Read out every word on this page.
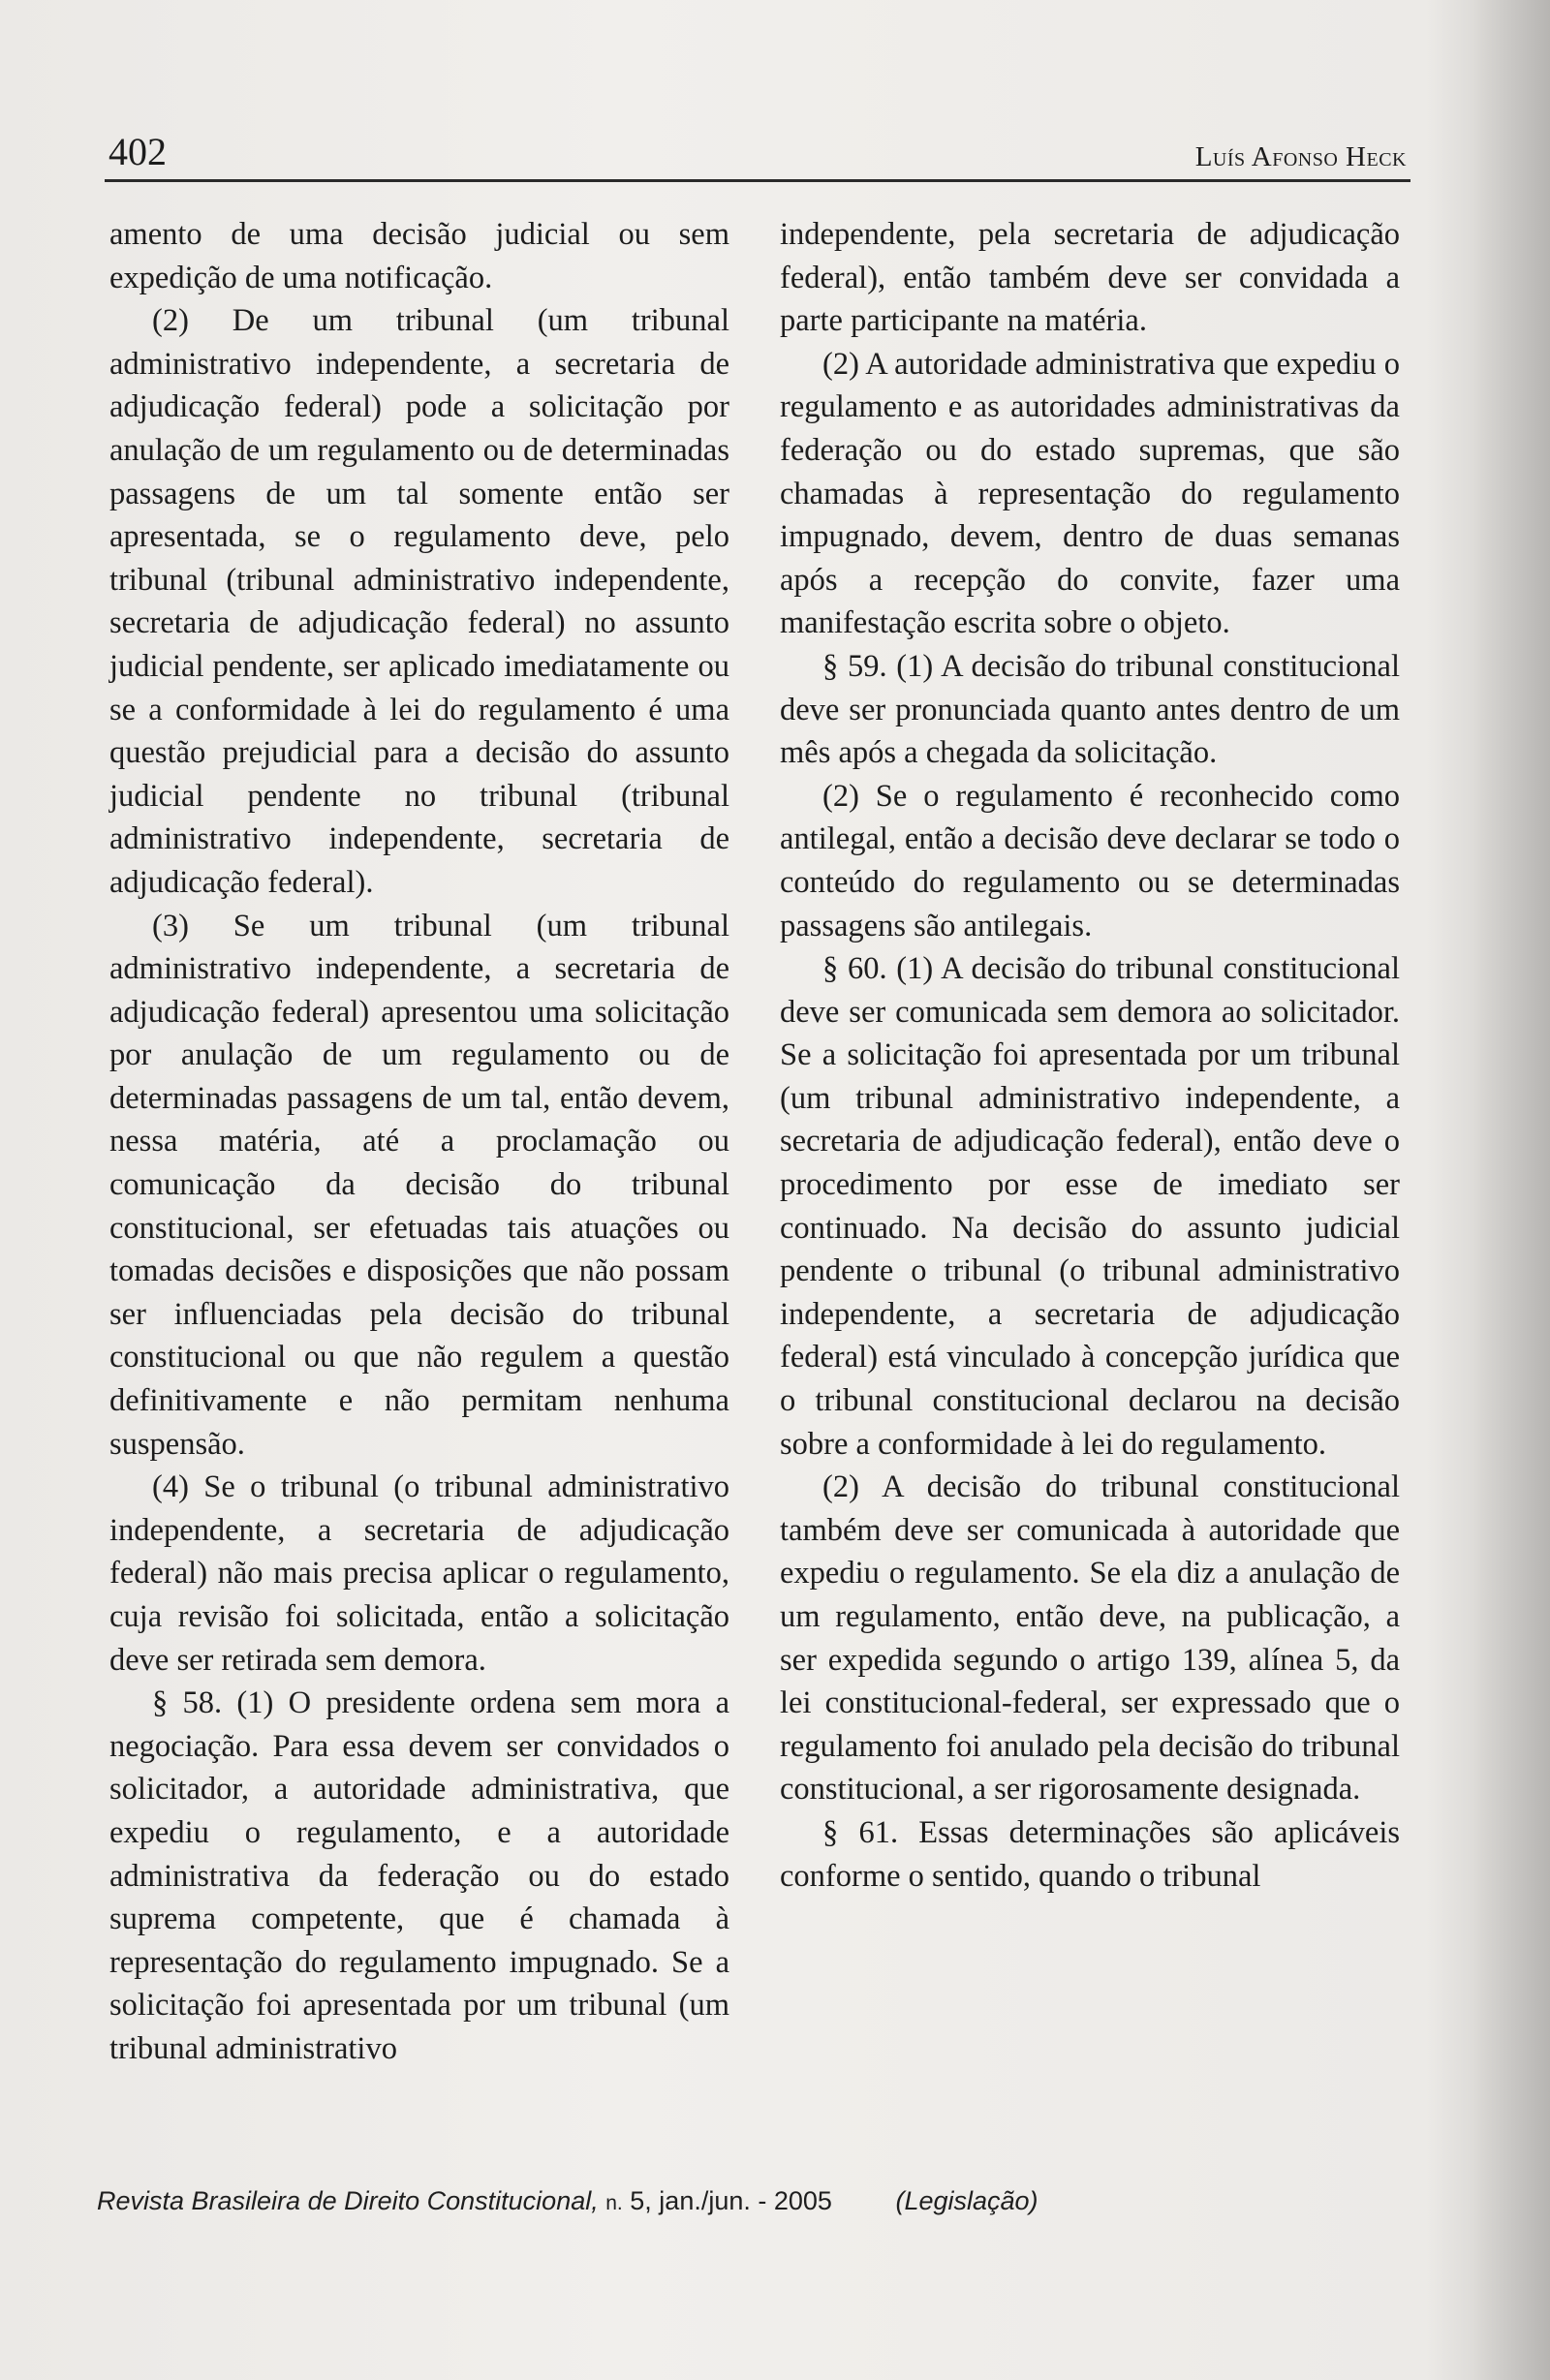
402	Luís Afonso Heck

amento de uma decisão judicial ou sem expedição de uma notificação.

(2) De um tribunal (um tribunal administrativo independente, a secretaria de adjudicação federal) pode a solicitação por anulação de um regulamento ou de determinadas passagens de um tal somente então ser apresentada, se o regulamento deve, pelo tribunal (tribunal administrativo independente, secretaria de adjudicação federal) no assunto judicial pendente, ser aplicado imediatamente ou se a conformidade à lei do regulamento é uma questão prejudicial para a decisão do assunto judicial pendente no tribunal (tribunal administrativo independente, secretaria de adjudicação federal).

(3) Se um tribunal (um tribunal administrativo independente, a secretaria de adjudicação federal) apresentou uma solicitação por anulação de um regulamento ou de determinadas passagens de um tal, então devem, nessa matéria, até a proclamação ou comunicação da decisão do tribunal constitucional, ser efetuadas tais atuações ou tomadas decisões e disposições que não possam ser influenciadas pela decisão do tribunal constitucional ou que não regulem a questão definitivamente e não permitam nenhuma suspensão.

(4) Se o tribunal (o tribunal administrativo independente, a secretaria de adjudicação federal) não mais precisa aplicar o regulamento, cuja revisão foi solicitada, então a solicitação deve ser retirada sem demora.

§ 58. (1) O presidente ordena sem mora a negociação. Para essa devem ser convidados o solicitador, a autoridade administrativa, que expediu o regulamento, e a autoridade administrativa da federação ou do estado suprema competente, que é chamada à representação do regulamento impugnado. Se a solicitação foi apresentada por um tribunal (um tribunal administrativo

independente, pela secretaria de adjudicação federal), então também deve ser convidada a parte participante na matéria.

(2) A autoridade administrativa que expediu o regulamento e as autoridades administrativas da federação ou do estado supremas, que são chamadas à representação do regulamento impugnado, devem, dentro de duas semanas após a recepção do convite, fazer uma manifestação escrita sobre o objeto.

§ 59. (1) A decisão do tribunal constitucional deve ser pronunciada quanto antes dentro de um mês após a chegada da solicitação.

(2) Se o regulamento é reconhecido como antilegal, então a decisão deve declarar se todo o conteúdo do regulamento ou se determinadas passagens são antilegais.

§ 60. (1) A decisão do tribunal constitucional deve ser comunicada sem demora ao solicitador. Se a solicitação foi apresentada por um tribunal (um tribunal administrativo independente, a secretaria de adjudicação federal), então deve o procedimento por esse de imediato ser continuado. Na decisão do assunto judicial pendente o tribunal (o tribunal administrativo independente, a secretaria de adjudicação federal) está vinculado à concepção jurídica que o tribunal constitucional declarou na decisão sobre a conformidade à lei do regulamento.

(2) A decisão do tribunal constitucional também deve ser comunicada à autoridade que expediu o regulamento. Se ela diz a anulação de um regulamento, então deve, na publicação, a ser expedida segundo o artigo 139, alínea 5, da lei constitucional-federal, ser expressado que o regulamento foi anulado pela decisão do tribunal constitucional, a ser rigorosamente designada.

§ 61. Essas determinações são aplicáveis conforme o sentido, quando o tribunal

Revista Brasileira de Direito Constitucional, n. 5, jan./jun. - 2005 (Legislação)
